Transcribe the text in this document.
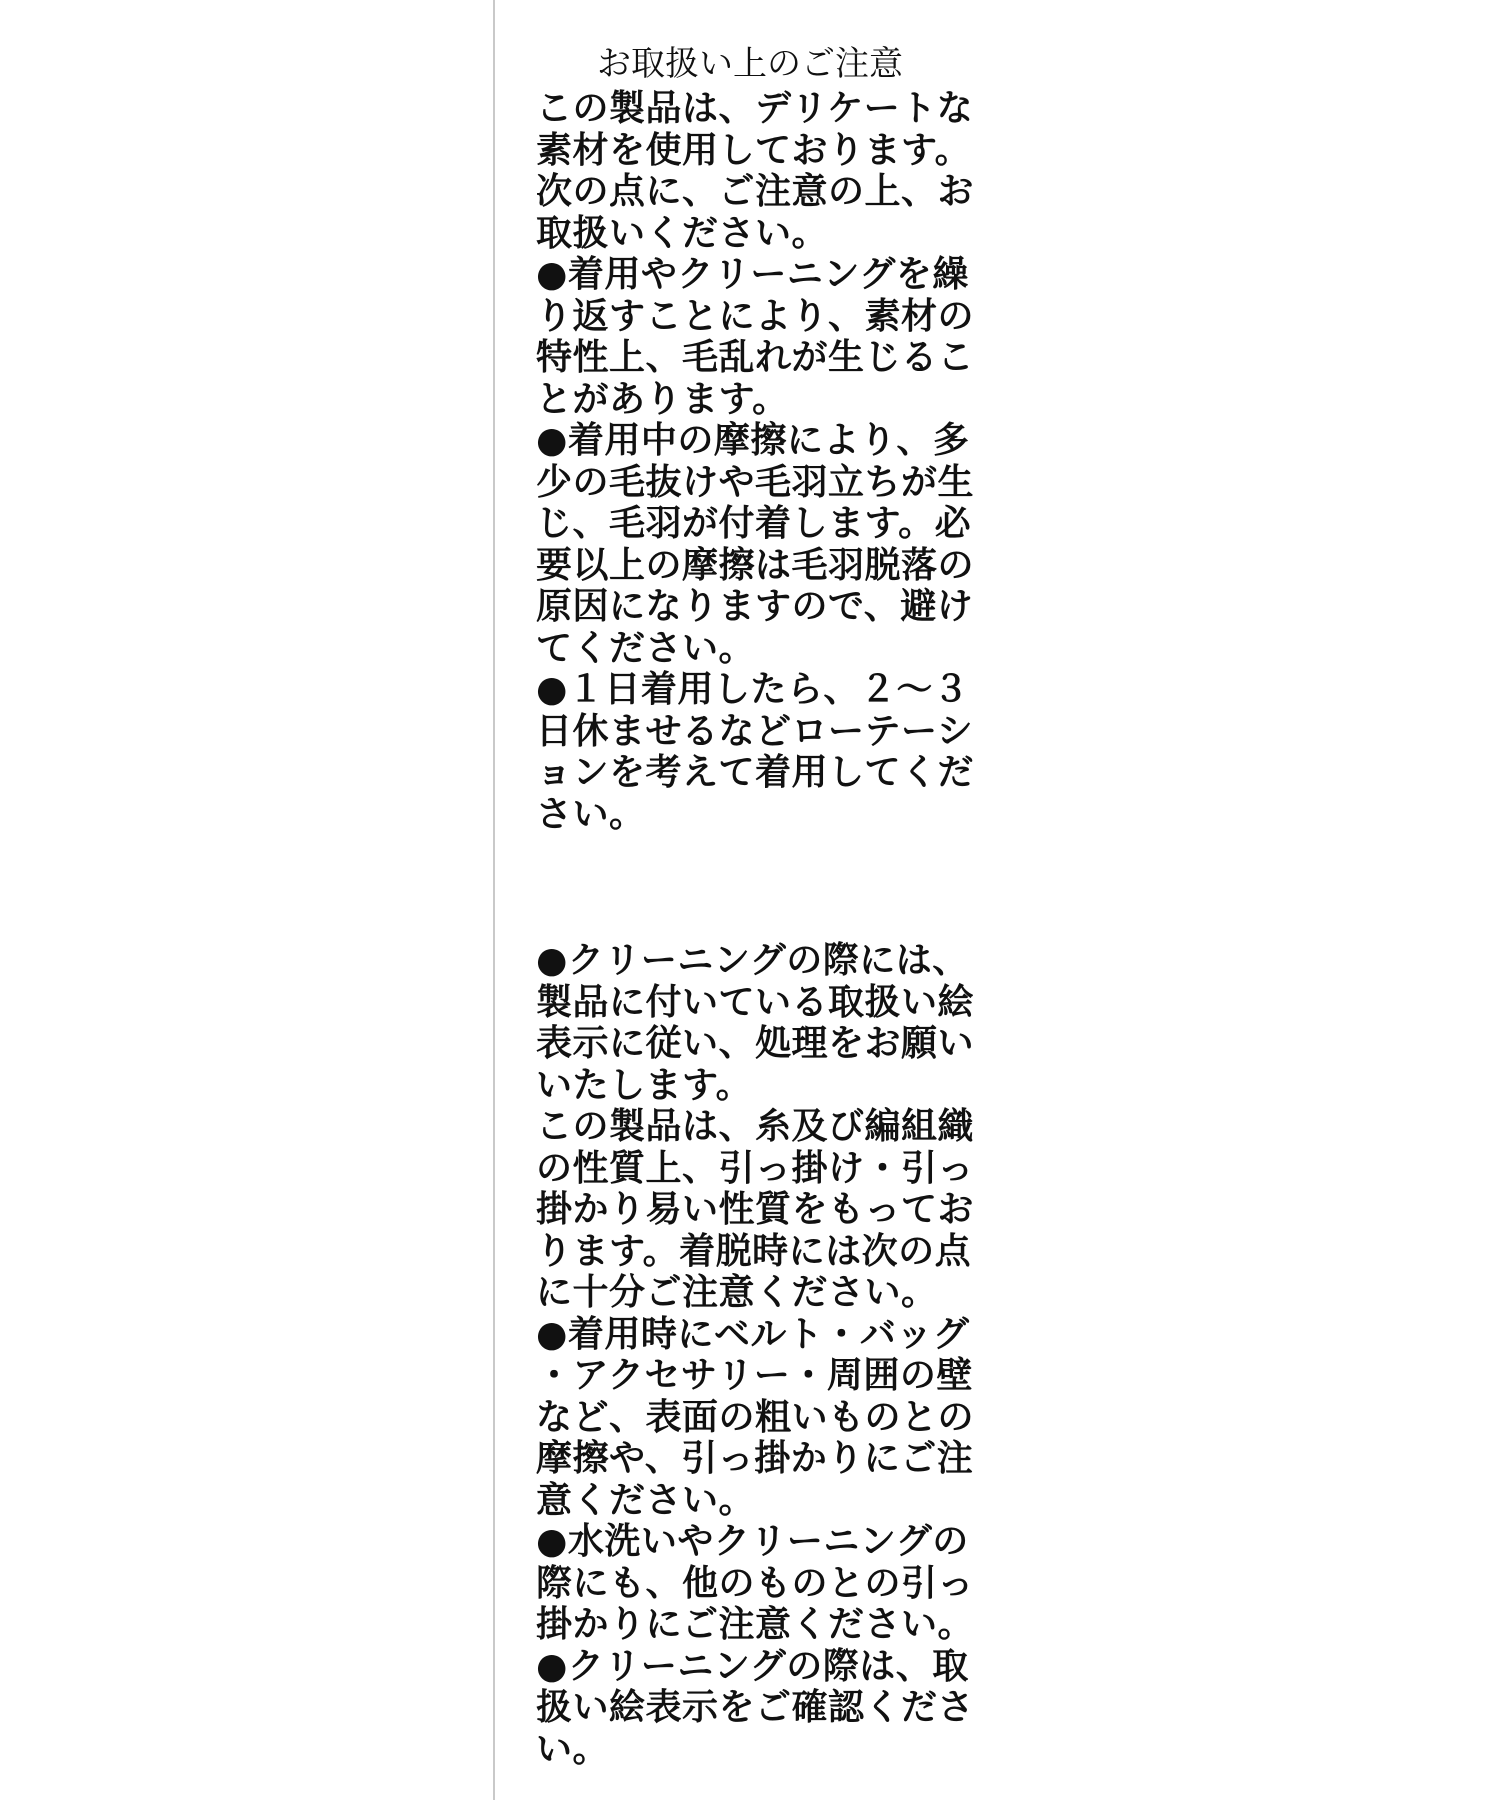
お取扱い上のご注意
この製品は、デリケートな
素材を使用しております。
次の点に、ご注意の上、お
取扱いください。
●着用やクリーニングを繰
り返すことにより、素材の
特性上、毛乱れが生じるこ
とがあります。
●着用中の摩擦により、多
少の毛抜けや毛羽立ちが生
じ、毛羽が付着します。必
要以上の摩擦は毛羽脱落の
原因になりますので、避け
てください。
●１日着用したら、２～３
日休ませるなどローテーシ
ョンを考えて着用してくだ
さい。
●クリーニングの際には、
製品に付いている取扱い絵
表示に従い、処理をお願い
いたします。
この製品は、糸及び編組織
の性質上、引っ掛け・引っ
掛かり易い性質をもってお
ります。着脱時には次の点
に十分ご注意ください。
●着用時にベルト・バッグ
・アクセサリー・周囲の壁
など、表面の粗いものとの
摩擦や、引っ掛かりにご注
意ください。
●水洗いやクリーニングの
際にも、他のものとの引っ
掛かりにご注意ください。
●クリーニングの際は、取
扱い絵表示をご確認くださ
い。
